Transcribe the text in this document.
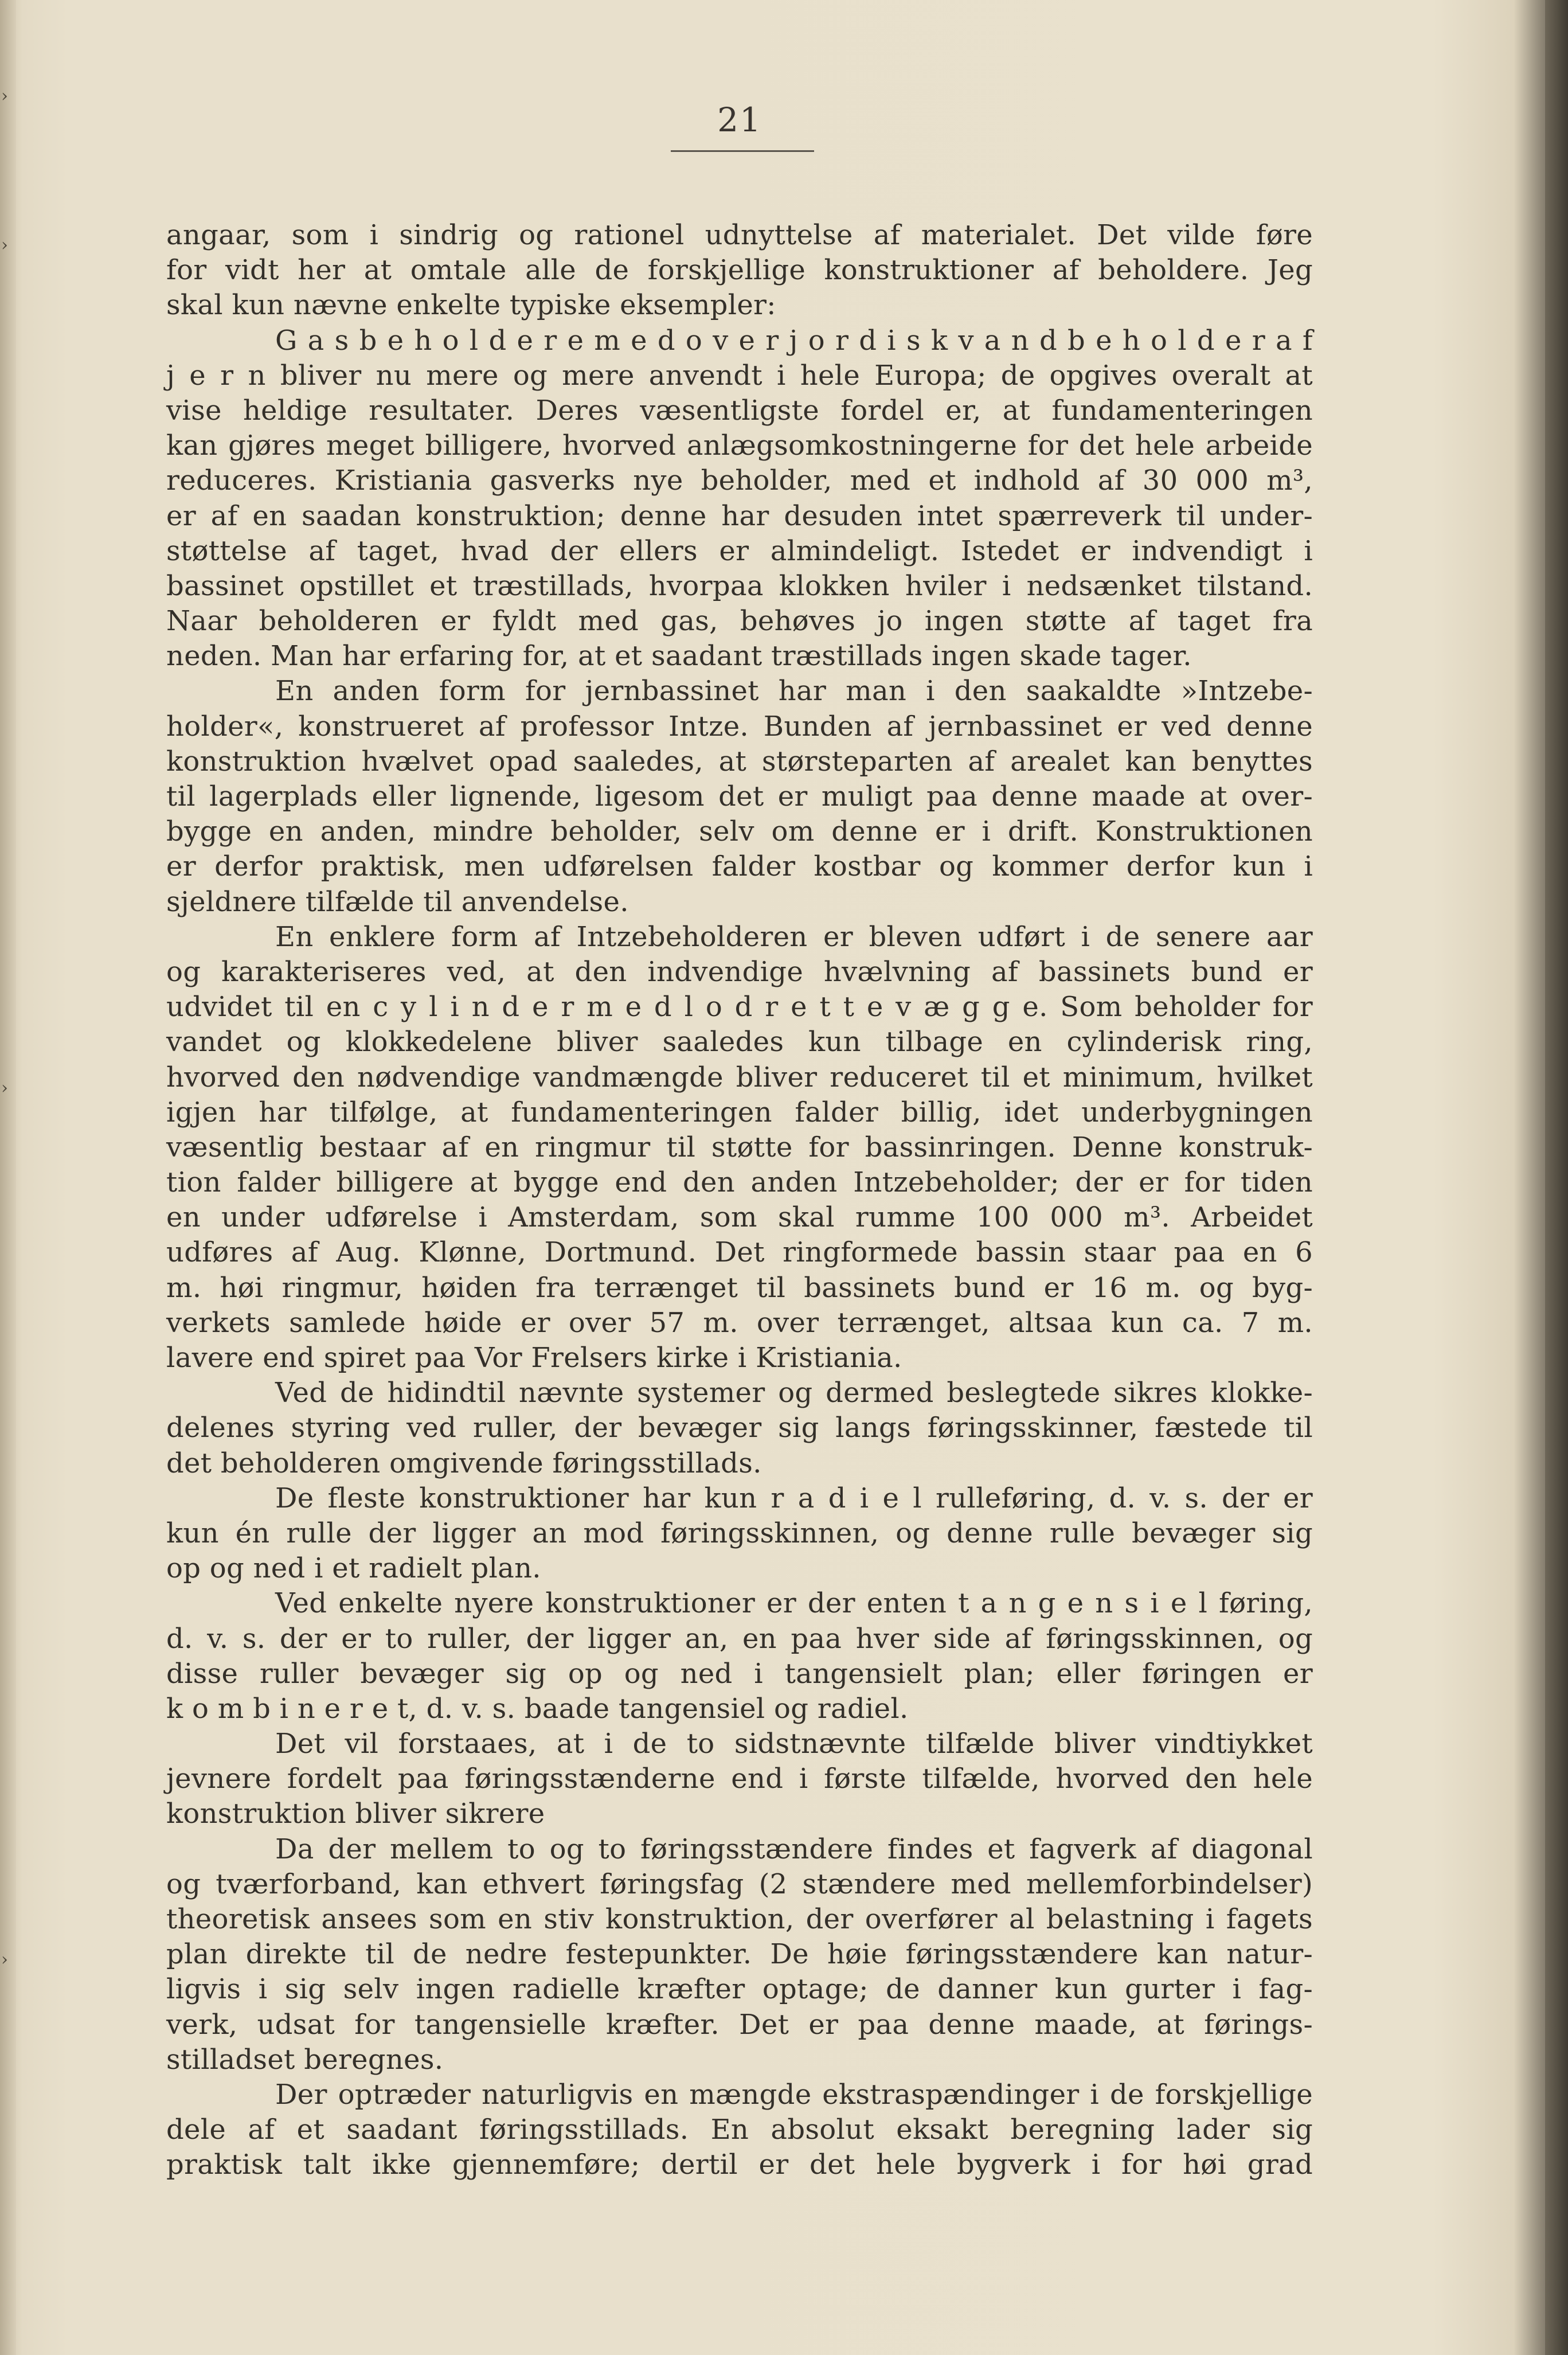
›
›
›
›
21
angaar, som i sindrig og rationel udnyttelse af materialet. Det vilde føre
for vidt her at omtale alle de forskjellige konstruktioner af beholdere. Jeg
skal kun nævne enkelte typiske eksempler:
G a s b e h o l d e r e m e d o v e r j o r d i s k v a n d b e h o l d e r a f
j e r n bliver nu mere og mere anvendt i hele Europa; de opgives overalt at
vise heldige resultater. Deres væsentligste fordel er, at fundamenteringen
kan gjøres meget billigere, hvorved anlægsomkostningerne for det hele arbeide
reduceres. Kristiania gasverks nye beholder, med et indhold af 30 000 m³,
er af en saadan konstruktion; denne har desuden intet spærreverk til under-
støttelse af taget, hvad der ellers er almindeligt. Istedet er indvendigt i
bassinet opstillet et træstillads, hvorpaa klokken hviler i nedsænket tilstand.
Naar beholderen er fyldt med gas, behøves jo ingen støtte af taget fra
neden. Man har erfaring for, at et saadant træstillads ingen skade tager.
En anden form for jernbassinet har man i den saakaldte »Intzebe-
holder«, konstrueret af professor Intze. Bunden af jernbassinet er ved denne
konstruktion hvælvet opad saaledes, at størsteparten af arealet kan benyttes
til lagerplads eller lignende, ligesom det er muligt paa denne maade at over-
bygge en anden, mindre beholder, selv om denne er i drift. Konstruktionen
er derfor praktisk, men udførelsen falder kostbar og kommer derfor kun i
sjeldnere tilfælde til anvendelse.
En enklere form af Intzebeholderen er bleven udført i de senere aar
og karakteriseres ved, at den indvendige hvælvning af bassinets bund er
udvidet til en c y l i n d e r m e d l o d r e t t e v æ g g e. Som beholder for
vandet og klokkedelene bliver saaledes kun tilbage en cylinderisk ring,
hvorved den nødvendige vandmængde bliver reduceret til et minimum, hvilket
igjen har tilfølge, at fundamenteringen falder billig, idet underbygningen
væsentlig bestaar af en ringmur til støtte for bassinringen. Denne konstruk-
tion falder billigere at bygge end den anden Intzebeholder; der er for tiden
en under udførelse i Amsterdam, som skal rumme 100 000 m³. Arbeidet
udføres af Aug. Klønne, Dortmund. Det ringformede bassin staar paa en 6
m. høi ringmur, høiden fra terrænget til bassinets bund er 16 m. og byg-
verkets samlede høide er over 57 m. over terrænget, altsaa kun ca. 7 m.
lavere end spiret paa Vor Frelsers kirke i Kristiania.
Ved de hidindtil nævnte systemer og dermed beslegtede sikres klokke-
delenes styring ved ruller, der bevæger sig langs føringsskinner, fæstede til
det beholderen omgivende føringsstillads.
De fleste konstruktioner har kun r a d i e l rulleføring, d. v. s. der er
kun én rulle der ligger an mod føringsskinnen, og denne rulle bevæger sig
op og ned i et radielt plan.
Ved enkelte nyere konstruktioner er der enten t a n g e n s i e l føring,
d. v. s. der er to ruller, der ligger an, en paa hver side af føringsskinnen, og
disse ruller bevæger sig op og ned i tangensielt plan; eller føringen er
k o m b i n e r e t, d. v. s. baade tangensiel og radiel.
Det vil forstaaes, at i de to sidstnævnte tilfælde bliver vindtiykket
jevnere fordelt paa føringsstænderne end i første tilfælde, hvorved den hele
konstruktion bliver sikrere
Da der mellem to og to føringsstændere findes et fagverk af diagonal
og tværforband, kan ethvert føringsfag (2 stændere med mellemforbindelser)
theoretisk ansees som en stiv konstruktion, der overfører al belastning i fagets
plan direkte til de nedre festepunkter. De høie føringsstændere kan natur-
ligvis i sig selv ingen radielle kræfter optage; de danner kun gurter i fag-
verk, udsat for tangensielle kræfter. Det er paa denne maade, at førings-
stilladset beregnes.
Der optræder naturligvis en mængde ekstraspændinger i de forskjellige
dele af et saadant føringsstillads. En absolut eksakt beregning lader sig
praktisk talt ikke gjennemføre; dertil er det hele bygverk i for høi grad
